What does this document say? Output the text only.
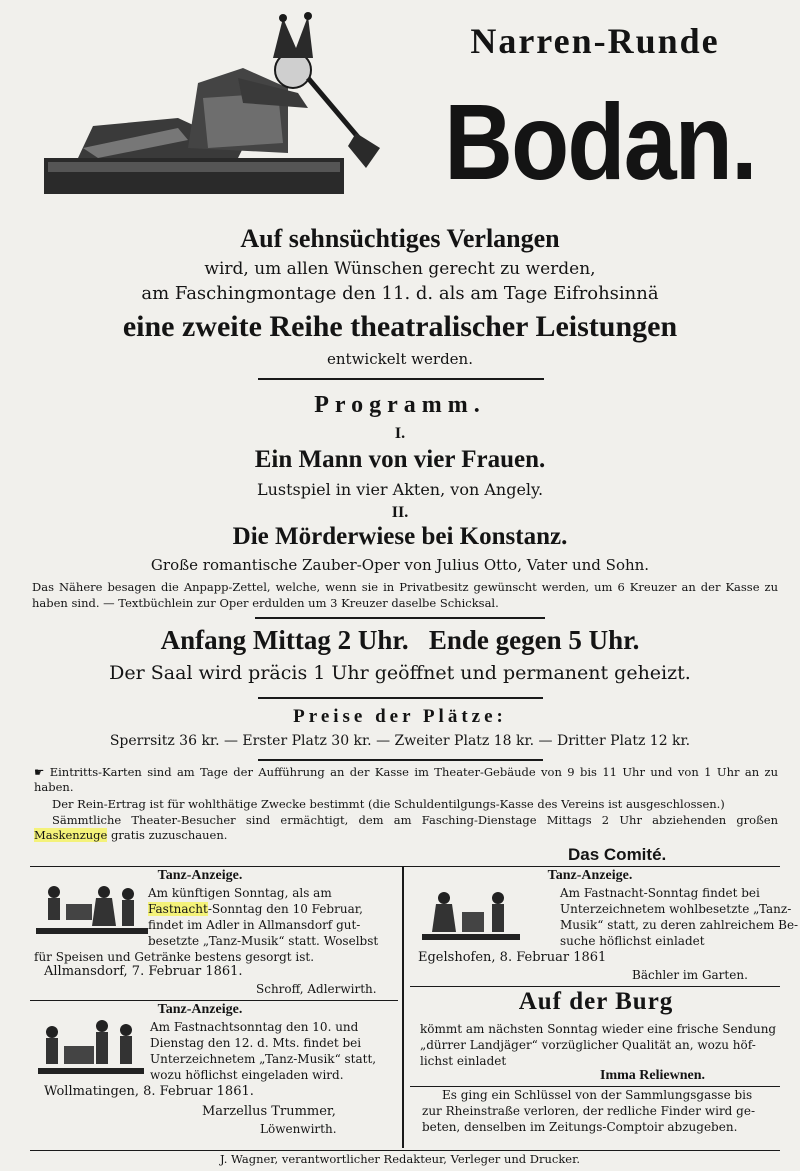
Narren-Runde
Bodan.
Auf sehnsüchtiges Verlangen
wird, um allen Wünschen gerecht zu werden,
am Faschingmontage den 11. d. als am Tage Eifrohsinnä
eine zweite Reihe theatralischer Leistungen
entwickelt werden.
Programm.
I.
Ein Mann von vier Frauen.
Lustspiel in vier Akten, von Angely.
II.
Die Mörderwiese bei Konstanz.
Große romantische Zauber-Oper von Julius Otto, Vater und Sohn.
Das Nähere besagen die Anpapp-Zettel, welche, wenn sie in Privatbesitz gewünscht werden, um 6 Kreuzer an der Kasse zu haben sind. — Textbüchlein zur Oper erdulden um 3 Kreuzer daselbe Schicksal.
Anfang Mittag 2 Uhr.   Ende gegen 5 Uhr.
Der Saal wird präcis 1 Uhr geöffnet und permanent geheizt.
Preise der Plätze:
Sperrsitz 36 kr. — Erster Platz 30 kr. — Zweiter Platz 18 kr. — Dritter Platz 12 kr.
☛ Eintritts-Karten sind am Tage der Aufführung an der Kasse im Theater-Gebäude von 9 bis 11 Uhr und von 1 Uhr an zu haben.
Der Rein-Ertrag ist für wohlthätige Zwecke bestimmt (die Schuldentilgungs-Kasse des Vereins ist ausgeschlossen.)
Sämmtliche Theater-Besucher sind ermächtigt, dem am Fasching-Dienstage Mittags 2 Uhr abziehenden großen Maskenzuge gratis zuzuschauen.
Das Comité.
Tanz-Anzeige.
Am künftigen Sonntag, als am
Fastnacht-Sonntag den 10 Februar,
findet im Adler in Allmansdorf gut-
besetzte „Tanz-Musik“ statt. Woselbst
für Speisen und Getränke bestens gesorgt ist.
Allmansdorf, 7. Februar 1861.
Schroff, Adlerwirth.
Tanz-Anzeige.
Am Fastnachtsonntag den 10. und
Dienstag den 12. d. Mts. findet bei
Unterzeichnetem „Tanz-Musik“ statt,
wozu höflichst eingeladen wird.
Wollmatingen, 8. Februar 1861.
Marzellus Trummer,
Löwenwirth.
Tanz-Anzeige.
Am Fastnacht-Sonntag findet bei
Unterzeichnetem wohlbesetzte „Tanz-
Musik“ statt, zu deren zahlreichem Be-
suche höflichst einladet
Egelshofen, 8. Februar 1861
Bächler im Garten.
Auf der Burg
kömmt am nächsten Sonntag wieder eine frische Sendung
„dürrer Landjäger“ vorzüglicher Qualität an, wozu höf-
lichst einladet
Imma Reliewnen.
Es ging ein Schlüssel von der Sammlungsgasse bis
zur Rheinstraße verloren, der redliche Finder wird ge-
beten, denselben im Zeitungs-Comptoir abzugeben.
J. Wagner, verantwortlicher Redakteur, Verleger und Drucker.
